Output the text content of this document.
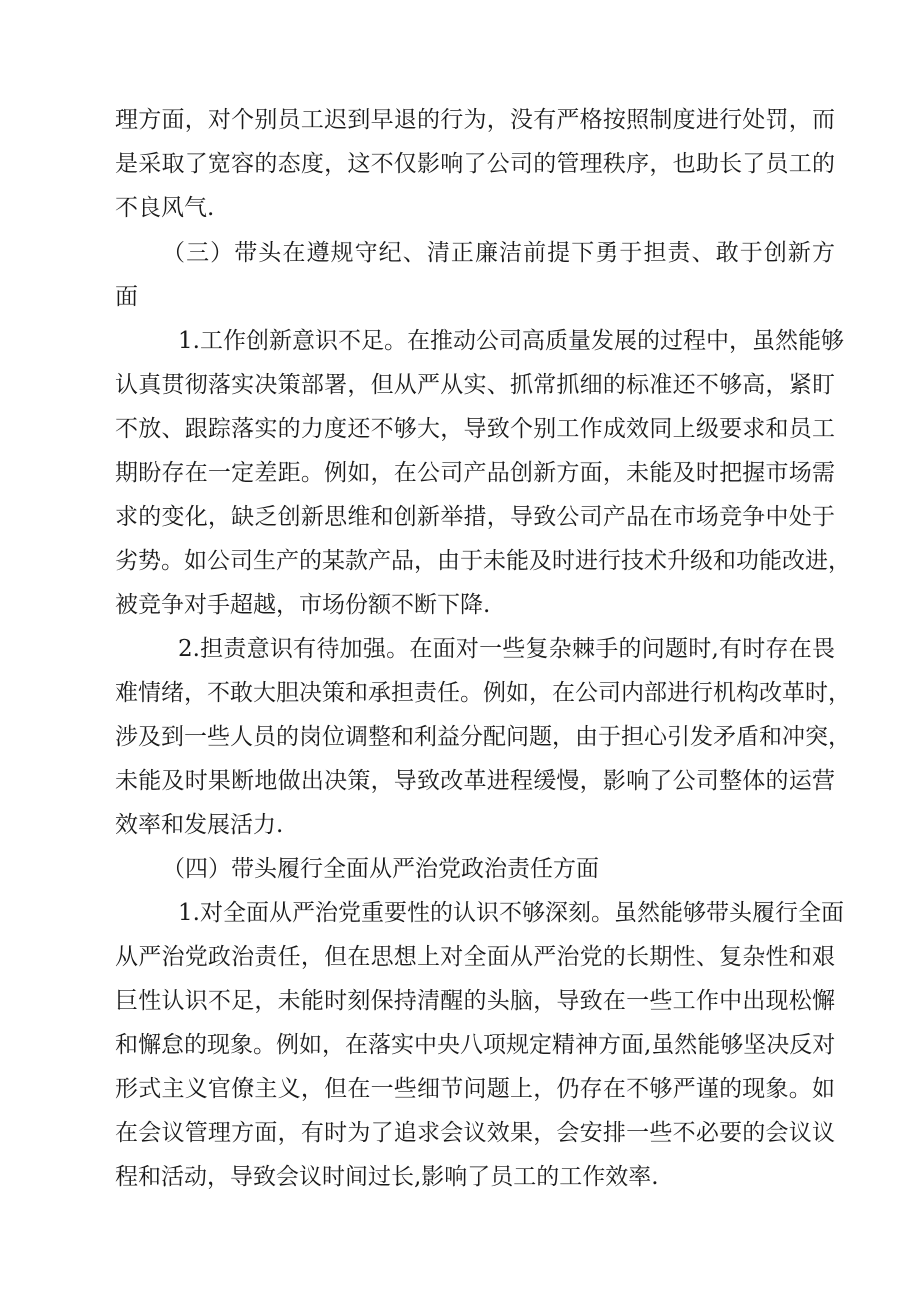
理方面，对个别员工迟到早退的行为，没有严格按照制度进行处罚，而
是采取了宽容的态度，这不仅影响了公司的管理秩序，也助长了员工的
不良风气.
（三）带头在遵规守纪、清正廉洁前提下勇于担责、敢于创新方
面
1.工作创新意识不足。在推动公司高质量发展的过程中，虽然能够
认真贯彻落实决策部署，但从严从实、抓常抓细的标准还不够高，紧盯
不放、跟踪落实的力度还不够大，导致个别工作成效同上级要求和员工
期盼存在一定差距。例如，在公司产品创新方面，未能及时把握市场需
求的变化，缺乏创新思维和创新举措，导致公司产品在市场竞争中处于
劣势。如公司生产的某款产品，由于未能及时进行技术升级和功能改进，
被竞争对手超越，市场份额不断下降.
2.担责意识有待加强。在面对一些复杂棘手的问题时,有时存在畏
难情绪，不敢大胆决策和承担责任。例如，在公司内部进行机构改革时，
涉及到一些人员的岗位调整和利益分配问题，由于担心引发矛盾和冲突，
未能及时果断地做出决策，导致改革进程缓慢，影响了公司整体的运营
效率和发展活力.
（四）带头履行全面从严治党政治责任方面
1.对全面从严治党重要性的认识不够深刻。虽然能够带头履行全面
从严治党政治责任，但在思想上对全面从严治党的长期性、复杂性和艰
巨性认识不足，未能时刻保持清醒的头脑，导致在一些工作中出现松懈
和懈怠的现象。例如，在落实中央八项规定精神方面,虽然能够坚决反对
形式主义官僚主义，但在一些细节问题上，仍存在不够严谨的现象。如
在会议管理方面，有时为了追求会议效果，会安排一些不必要的会议议
程和活动，导致会议时间过长,影响了员工的工作效率.
